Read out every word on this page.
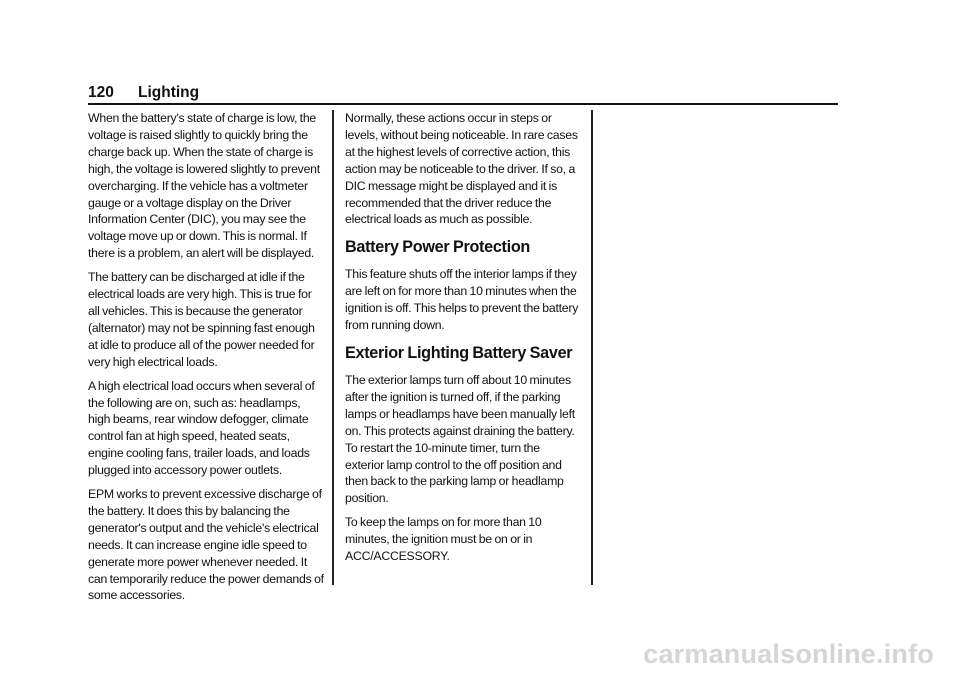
120 Lighting

When the battery's state of charge is low, the voltage is raised slightly to quickly bring the charge back up. When the state of charge is high, the voltage is lowered slightly to prevent overcharging. If the vehicle has a voltmeter gauge or a voltage display on the Driver Information Center (DIC), you may see the voltage move up or down. This is normal. If there is a problem, an alert will be displayed.

The battery can be discharged at idle if the electrical loads are very high. This is true for all vehicles. This is because the generator (alternator) may not be spinning fast enough at idle to produce all of the power needed for very high electrical loads.

A high electrical load occurs when several of the following are on, such as: headlamps, high beams, rear window defogger, climate control fan at high speed, heated seats, engine cooling fans, trailer loads, and loads plugged into accessory power outlets.

EPM works to prevent excessive discharge of the battery. It does this by balancing the generator's output and the vehicle's electrical needs. It can increase engine idle speed to generate more power whenever needed. It can temporarily reduce the power demands of some accessories.

Normally, these actions occur in steps or levels, without being noticeable. In rare cases at the highest levels of corrective action, this action may be noticeable to the driver. If so, a DIC message might be displayed and it is recommended that the driver reduce the electrical loads as much as possible.

Battery Power Protection

This feature shuts off the interior lamps if they are left on for more than 10 minutes when the ignition is off. This helps to prevent the battery from running down.

Exterior Lighting Battery Saver

The exterior lamps turn off about 10 minutes after the ignition is turned off, if the parking lamps or headlamps have been manually left on. This protects against draining the battery. To restart the 10-minute timer, turn the exterior lamp control to the off position and then back to the parking lamp or headlamp position.

To keep the lamps on for more than 10 minutes, the ignition must be on or in ACC/ACCESSORY.

carmanualsonline.info
